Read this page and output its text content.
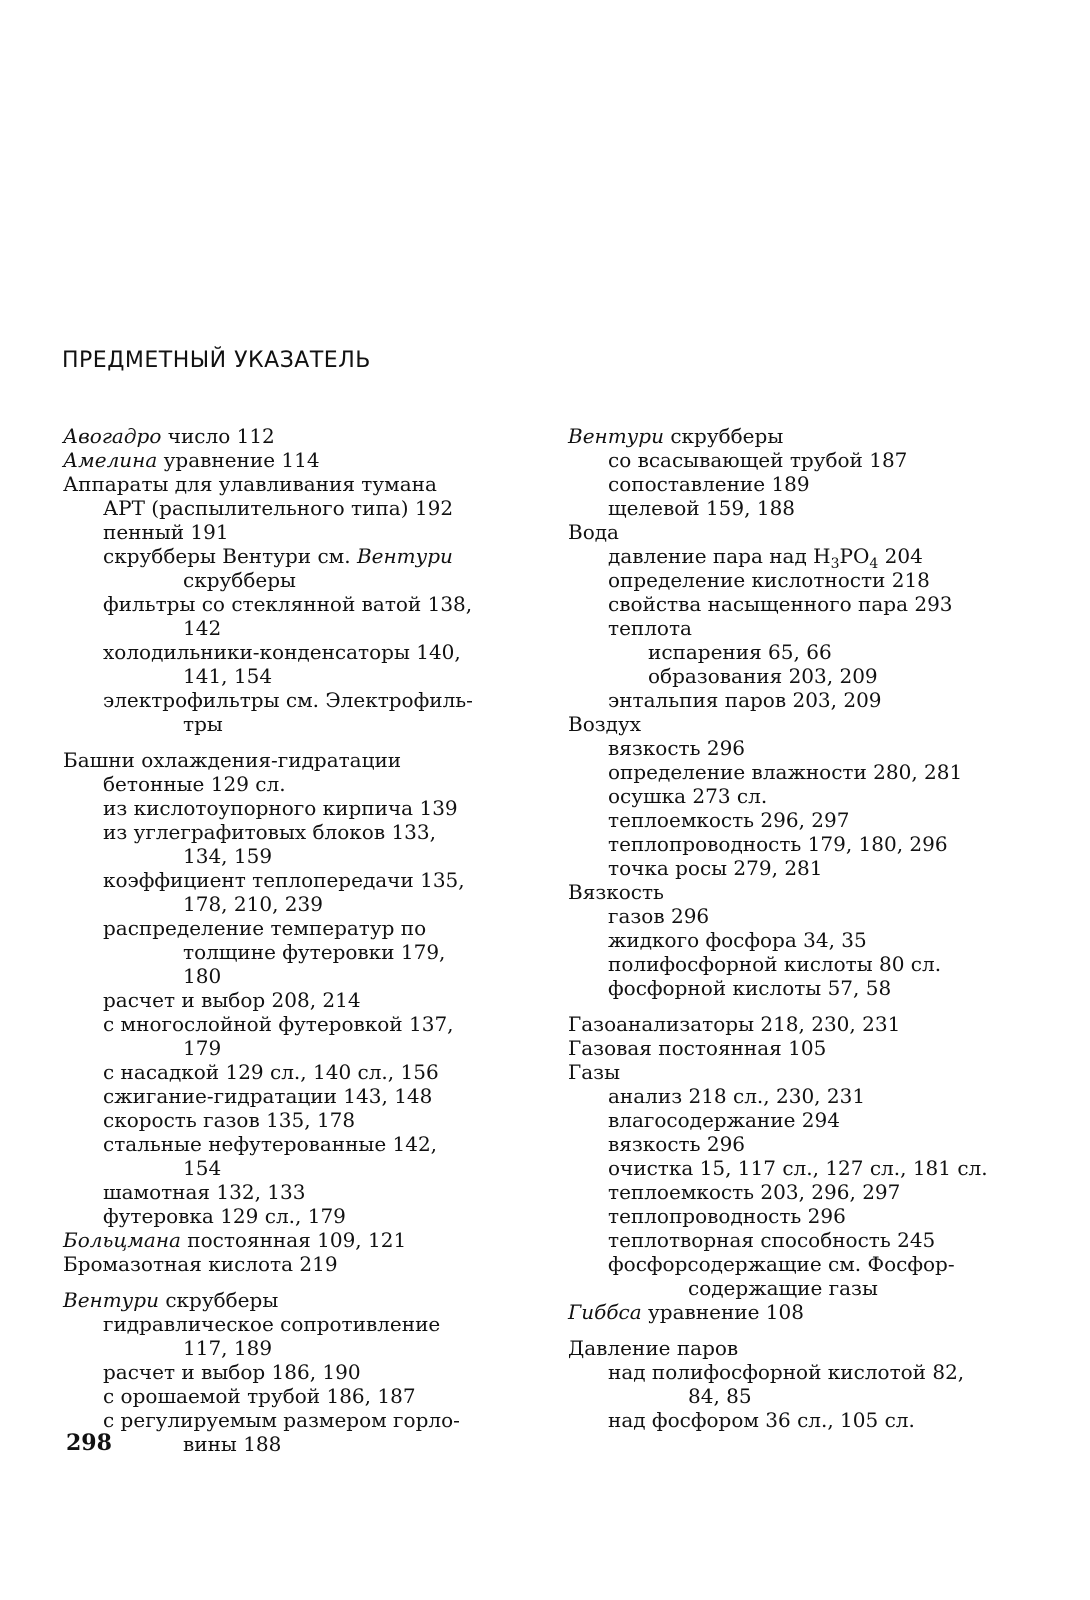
ПРЕДМЕТНЫЙ УКАЗАТЕЛЬ
Авогадро число 112
Амелина уравнение 114
Аппараты для улавливания тумана
АРТ (распылительного типа) 192
пенный 191
скрубберы Вентури см. Вентури
скрубберы
фильтры со стеклянной ватой 138,
142
холодильники-конденсаторы 140,
141, 154
электрофильтры см. Электрофиль-
тры
Башни охлаждения-гидратации
бетонные 129 сл.
из кислотоупорного кирпича 139
из углеграфитовых блоков 133,
134, 159
коэффициент теплопередачи 135,
178, 210, 239
распределение температур по
толщине футеровки 179,
180
расчет и выбор 208, 214
с многослойной футеровкой 137,
179
с насадкой 129 сл., 140 сл., 156
сжигание-гидратации 143, 148
скорость газов 135, 178
стальные нефутерованные 142,
154
шамотная 132, 133
футеровка 129 сл., 179
Больцмана постоянная 109, 121
Бромазотная кислота 219
Вентури скрубберы
гидравлическое сопротивление
117, 189
расчет и выбор 186, 190
с орошаемой трубой 186, 187
с регулируемым размером горло-
вины 188
Вентури скрубберы
со всасывающей трубой 187
сопоставление 189
щелевой 159, 188
Вода
давление пара над $H_3PO_4$ 204
определение кислотности 218
свойства насыщенного пара 293
теплота
испарения 65, 66
образования 203, 209
энтальпия паров 203, 209
Воздух
вязкость 296
определение влажности 280, 281
осушка 273 сл.
теплоемкость 296, 297
теплопроводность 179, 180, 296
точка росы 279, 281
Вязкость
газов 296
жидкого фосфора 34, 35
полифосфорной кислоты 80 сл.
фосфорной кислоты 57, 58
Газоанализаторы 218, 230, 231
Газовая постоянная 105
Газы
анализ 218 сл., 230, 231
влагосодержание 294
вязкость 296
очистка 15, 117 сл., 127 сл., 181 сл.
теплоемкость 203, 296, 297
теплопроводность 296
теплотворная способность 245
фосфорсодержащие см. Фосфор-
содержащие газы
Гиббса уравнение 108
Давление паров
над полифосфорной кислотой 82,
84, 85
над фосфором 36 сл., 105 сл.
298
